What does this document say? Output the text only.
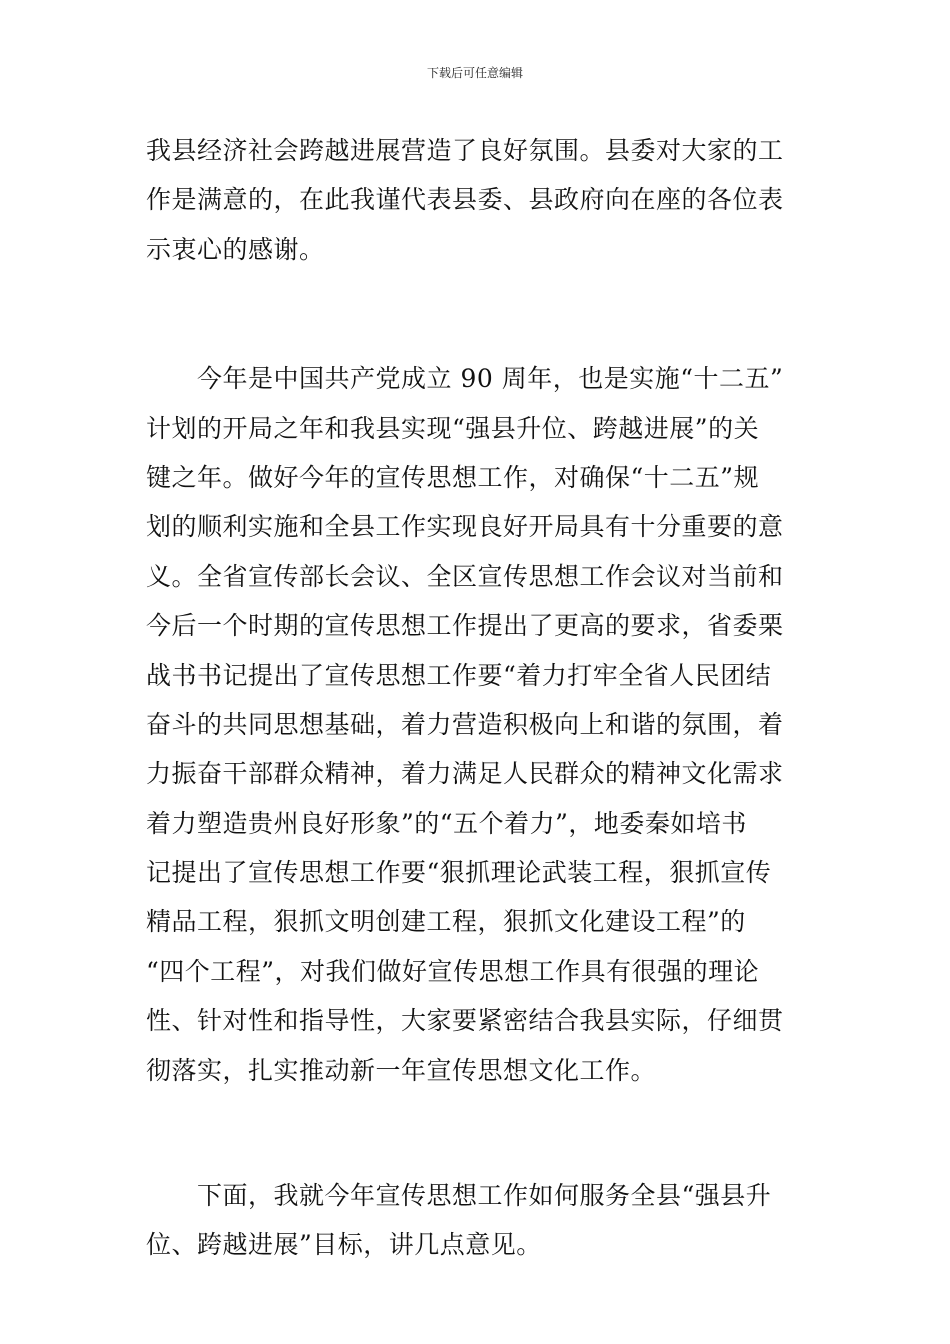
下载后可任意编辑
我县经济社会跨越进展营造了良好氛围。县委对大家的工
作是满意的，在此我谨代表县委、县政府向在座的各位表
示衷心的感谢。
今年是中国共产党成立 90 周年，也是实施“十二五”
计划的开局之年和我县实现“强县升位、跨越进展”的关
键之年。做好今年的宣传思想工作，对确保“十二五”规
划的顺利实施和全县工作实现良好开局具有十分重要的意
义。全省宣传部长会议、全区宣传思想工作会议对当前和
今后一个时期的宣传思想工作提出了更高的要求，省委栗
战书书记提出了宣传思想工作要“着力打牢全省人民团结
奋斗的共同思想基础，着力营造积极向上和谐的氛围，着
力振奋干部群众精神，着力满足人民群众的精神文化需求
着力塑造贵州良好形象”的“五个着力”，地委秦如培书
记提出了宣传思想工作要“狠抓理论武装工程，狠抓宣传
精品工程，狠抓文明创建工程，狠抓文化建设工程”的
“四个工程”，对我们做好宣传思想工作具有很强的理论
性、针对性和指导性，大家要紧密结合我县实际，仔细贯
彻落实，扎实推动新一年宣传思想文化工作。
下面，我就今年宣传思想工作如何服务全县“强县升
位、跨越进展”目标，讲几点意见。
